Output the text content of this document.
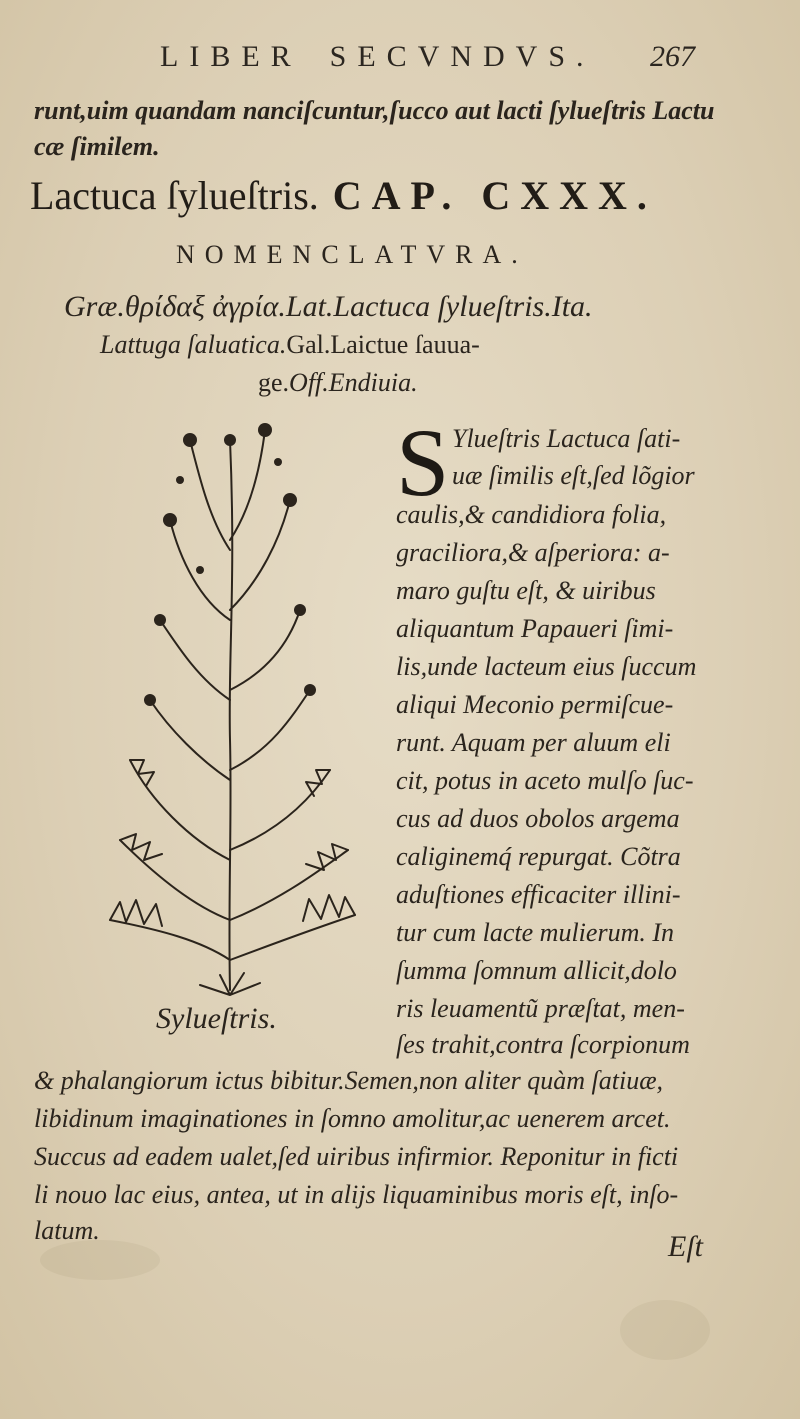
LIBER SECVNDVS. 267
runt,uim quandam nanciſcuntur,ſucco aut lacti ſylueſtris Lactu
cæ ſimilem.
Lactuca ſylueſtris. CAP. CXXX.
NOMENCLATVRA.
Græ.θρίδαξ ἀγρία.Lat.Lactuca ſylueſtris.Ita.
Lattuga ſaluatica.Gal.Laictue ſauua-
ge.Off.Endiuia.
Sylueſtris.
S Ylueſtris Lactuca ſati-
uæ ſimilis eſt,ſed lõgior
caulis,& candidiora folia,
graciliora,& aſperiora: a-
maro guſtu eſt, & uiribus
aliquantum Papaueri ſimi-
lis,unde lacteum eius ſuccum
aliqui Meconio permiſcue-
runt. Aquam per aluum eli
cit, potus in aceto mulſo ſuc-
cus ad duos obolos argema
caliginemq́ repurgat. Cõtra
aduſtiones efficaciter illini-
tur cum lacte mulierum. In
ſumma ſomnum allicit,dolo
ris leuamentũ præſtat, men-
ſes trahit,contra ſcorpionum
& phalangiorum ictus bibitur.Semen,non aliter quàm ſatiuæ,
libidinum imaginationes in ſomno amolitur,ac uenerem arcet.
Succus ad eadem ualet,ſed uiribus infirmior. Reponitur in ficti
li nouo lac eius, antea, ut in alijs liquaminibus moris eſt, inſo-
latum.	Eſt
